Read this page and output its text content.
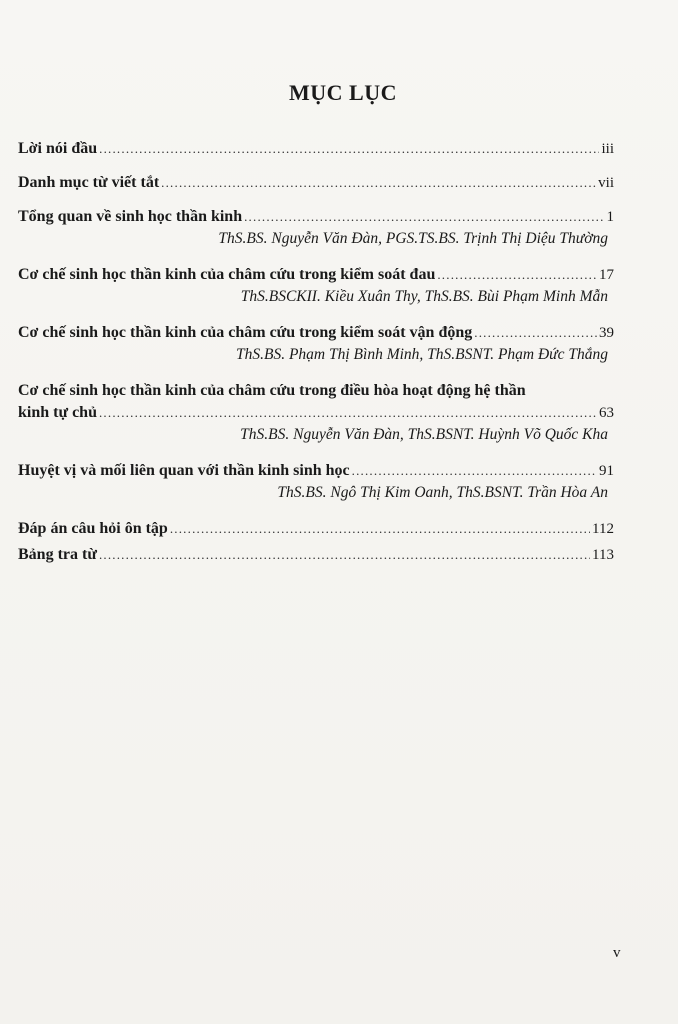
MỤC LỤC
Lời nói đầu .....	iii
Danh mục từ viết tắt .....	vii
Tổng quan về sinh học thần kinh .....	1
ThS.BS. Nguyễn Văn Đàn, PGS.TS.BS. Trịnh Thị Diệu Thường
Cơ chế sinh học thần kinh của châm cứu trong kiểm soát đau .....	17
ThS.BSCKII. Kiều Xuân Thy, ThS.BS. Bùi Phạm Minh Mẫn
Cơ chế sinh học thần kinh của châm cứu trong kiểm soát vận động .....	39
ThS.BS. Phạm Thị Bình Minh, ThS.BSNT. Phạm Đức Thắng
Cơ chế sinh học thần kinh của châm cứu trong điều hòa hoạt động hệ thần
kinh tự chủ .....	63
ThS.BS. Nguyễn Văn Đàn, ThS.BSNT. Huỳnh Võ Quốc Kha
Huyệt vị và mối liên quan với thần kinh sinh học .....	91
ThS.BS. Ngô Thị Kim Oanh, ThS.BSNT. Trần Hòa An
Đáp án câu hỏi ôn tập .....	112
Bảng tra từ .....	113
v
